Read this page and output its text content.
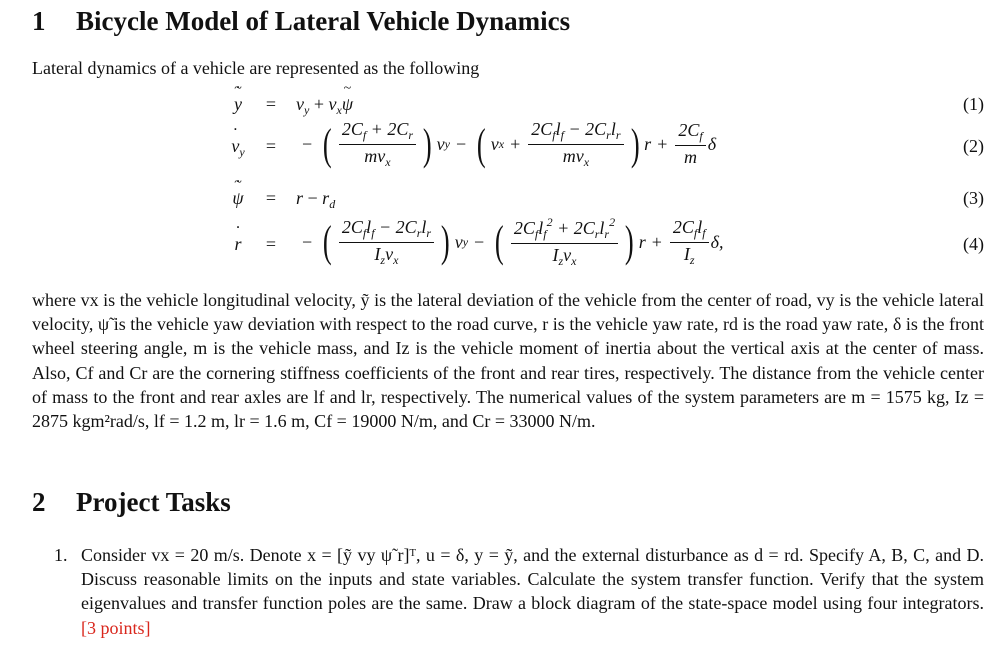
1 Bicycle Model of Lateral Vehicle Dynamics
Lateral dynamics of a vehicle are represented as the following
˙ y ~	= $v_y + v_x\psi$ ~	(1)
˙ $v_y$	=	− ( $\frac{2C_f + 2C_r}{mv_x}$ ) v y − ( v $x + \frac{2C_fl_f - 2C_rl_r}{mv_x}$ ) $r + \frac{2C_f}{m}$ δ	(2)
˙ ψ ~	= $r - r_d$	(3)
˙ r	=	− ( $\frac{2C_fl_f - 2C_rl_r}{I_zv_x}$ ) v y − ( $\frac{2C_fl_f^2 + 2C_rl_r^2}{I_zv_x}$ ) $r + \frac{2C_fl_f}{I_z} \delta$,	(4)
where vx is the vehicle longitudinal velocity, ỹ is the lateral deviation of the vehicle from the center of road, vy is the vehicle lateral velocity, ψ̃ is the vehicle yaw deviation with respect to the road curve, r is the vehicle yaw rate, rd is the road yaw rate, δ is the front wheel steering angle, m is the vehicle mass, and Iz is the vehicle moment of inertia about the vertical axis at the center of mass. Also, Cf and Cr are the cornering stiffness coefficients of the front and rear tires, respectively. The distance from the vehicle center of mass to the front and rear axles are lf and lr, respectively. The numerical values of the system parameters are m = 1575 kg, Iz = 2875 kgm²rad/s, lf = 1.2 m, lr = 1.6 m, Cf = 19000 N/m, and Cr = 33000 N/m.
2 Project Tasks
1. Consider vx = 20 m/s. Denote x = [ỹ vy ψ̃ r]ᵀ, u = δ, y = ỹ, and the external disturbance as d = rd. Specify A, B, C, and D. Discuss reasonable limits on the inputs and state variables. Calculate the system transfer function. Verify that the system eigenvalues and transfer function poles are the same. Draw a block diagram of the state-space model using four integrators. [3 points]
